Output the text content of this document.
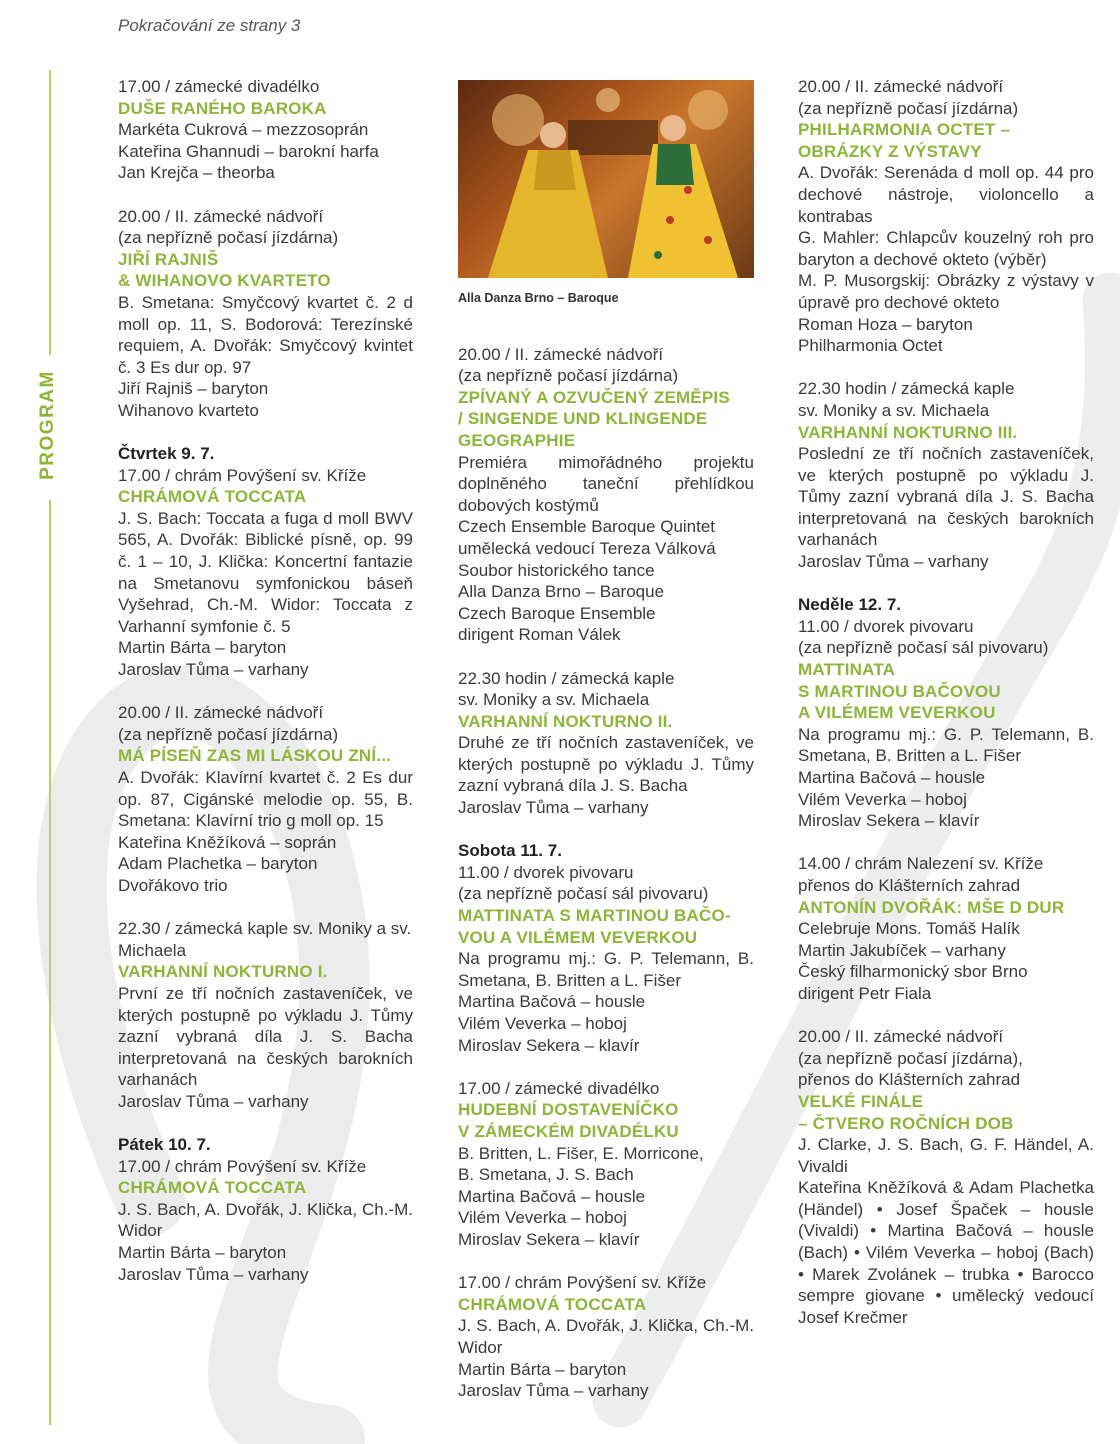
Pokračování ze strany 3
PROGRAM
17.00 / zámecké divadélko
DUŠE RANÉHO BAROKA
Markéta Cukrová – mezzosoprán
Kateřina Ghannudi – barokní harfa
Jan Krejča – theorba
20.00 / II. zámecké nádvoří
(za nepřízně počasí jízdárna)
JIŘÍ RAJNIŠ
& WIHANOVO KVARTETO
B. Smetana: Smyčcový kvartet č. 2 d moll op. 11, S. Bodorová: Terezínské requiem, A. Dvořák: Smyčcový kvintet č. 3 Es dur op. 97
Jiří Rajniš – baryton
Wihanovo kvarteto
Čtvrtek 9. 7.
17.00 / chrám Povýšení sv. Kříže
CHRÁMOVÁ TOCCATA
J. S. Bach: Toccata a fuga d moll BWV 565, A. Dvořák: Biblické písně, op. 99 č. 1 – 10, J. Klička: Koncertní fantazie na Smetanovu symfonickou báseň Vyšehrad, Ch.-M. Widor: Toccata z Varhanní symfonie č. 5
Martin Bárta – baryton
Jaroslav Tůma – varhany
20.00 / II. zámecké nádvoří
(za nepřízně počasí jízdárna)
MÁ PÍSEŇ ZAS MI LÁSKOU ZNÍ...
A. Dvořák: Klavírní kvartet č. 2 Es dur op. 87, Cigánské melodie op. 55, B. Smetana: Klavírní trio g moll op. 15
Kateřina Kněžíková – soprán
Adam Plachetka – baryton
Dvořákovo trio
22.30 / zámecká kaple sv. Moniky a sv. Michaela
VARHANNÍ NOKTURNO I.
První ze tří nočních zastaveníček, ve kterých postupně po výkladu J. Tůmy zazní vybraná díla J. S. Bacha interpretovaná na českých barokních varhanách
Jaroslav Tůma – varhany
Pátek 10. 7.
17.00 / chrám Povýšení sv. Kříže
CHRÁMOVÁ TOCCATA
J. S. Bach, A. Dvořák, J. Klička, Ch.-M. Widor
Martin Bárta – baryton
Jaroslav Tůma – varhany
Alla Danza Brno – Baroque
20.00 / II. zámecké nádvoří
(za nepřízně počasí jízdárna)
ZPÍVANÝ A OZVUČENÝ ZEMĚPIS
/ SINGENDE UND KLINGENDE
GEOGRAPHIE
Premiéra mimořádného projektu doplněného taneční přehlídkou dobových kostýmů
Czech Ensemble Baroque Quintet
umělecká vedoucí Tereza Válková
Soubor historického tance
Alla Danza Brno – Baroque
Czech Baroque Ensemble
dirigent Roman Válek
22.30 hodin / zámecká kaple
sv. Moniky a sv. Michaela
VARHANNÍ NOKTURNO II.
Druhé ze tří nočních zastaveníček, ve kterých postupně po výkladu J. Tůmy zazní vybraná díla J. S. Bacha
Jaroslav Tůma – varhany
Sobota 11. 7.
11.00 / dvorek pivovaru
(za nepřízně počasí sál pivovaru)
MATTINATA S MARTINOU BAČO-
VOU A VILÉMEM VEVERKOU
Na programu mj.: G. P. Telemann, B. Smetana, B. Britten a L. Fišer
Martina Bačová – housle
Vilém Veverka – hoboj
Miroslav Sekera – klavír
17.00 / zámecké divadélko
HUDEBNÍ DOSTAVENÍČKO
V ZÁMECKÉM DIVADÉLKU
B. Britten, L. Fišer, E. Morricone,
B. Smetana, J. S. Bach
Martina Bačová – housle
Vilém Veverka – hoboj
Miroslav Sekera – klavír
17.00 / chrám Povýšení sv. Kříže
CHRÁMOVÁ TOCCATA
J. S. Bach, A. Dvořák, J. Klička, Ch.-M. Widor
Martin Bárta – baryton
Jaroslav Tůma – varhany
20.00 / II. zámecké nádvoří
(za nepřízně počasí jízdárna)
PHILHARMONIA OCTET –
OBRÁZKY Z VÝSTAVY
A. Dvořák: Serenáda d moll op. 44 pro dechové nástroje, violoncello a kontrabas
G. Mahler: Chlapcův kouzelný roh pro baryton a dechové okteto (výběr)
M. P. Musorgskij: Obrázky z výstavy v úpravě pro dechové okteto
Roman Hoza – baryton
Philharmonia Octet
22.30 hodin / zámecká kaple
sv. Moniky a sv. Michaela
VARHANNÍ NOKTURNO III.
Poslední ze tří nočních zastaveníček, ve kterých postupně po výkladu J. Tůmy zazní vybraná díla J. S. Bacha interpretovaná na českých barokních varhanách
Jaroslav Tůma – varhany
Neděle 12. 7.
11.00 / dvorek pivovaru
(za nepřízně počasí sál pivovaru)
MATTINATA
S MARTINOU BAČOVOU
A VILÉMEM VEVERKOU
Na programu mj.: G. P. Telemann, B. Smetana, B. Britten a L. Fišer
Martina Bačová – housle
Vilém Veverka – hoboj
Miroslav Sekera – klavír
14.00 / chrám Nalezení sv. Kříže
přenos do Klášterních zahrad
ANTONÍN DVOŘÁK: MŠE D DUR
Celebruje Mons. Tomáš Halík
Martin Jakubíček – varhany
Český filharmonický sbor Brno
dirigent Petr Fiala
20.00 / II. zámecké nádvoří
(za nepřízně počasí jízdárna),
přenos do Klášterních zahrad
VELKÉ FINÁLE
– ČTVERO ROČNÍCH DOB
J. Clarke, J. S. Bach, G. F. Händel, A. Vivaldi
Kateřina Kněžíková & Adam Plachetka (Händel) • Josef Špaček – housle (Vivaldi) • Martina Bačová – housle (Bach) • Vilém Veverka – hoboj (Bach) • Marek Zvolánek – trubka • Barocco sempre giovane • umělecký vedoucí Josef Krečmer
